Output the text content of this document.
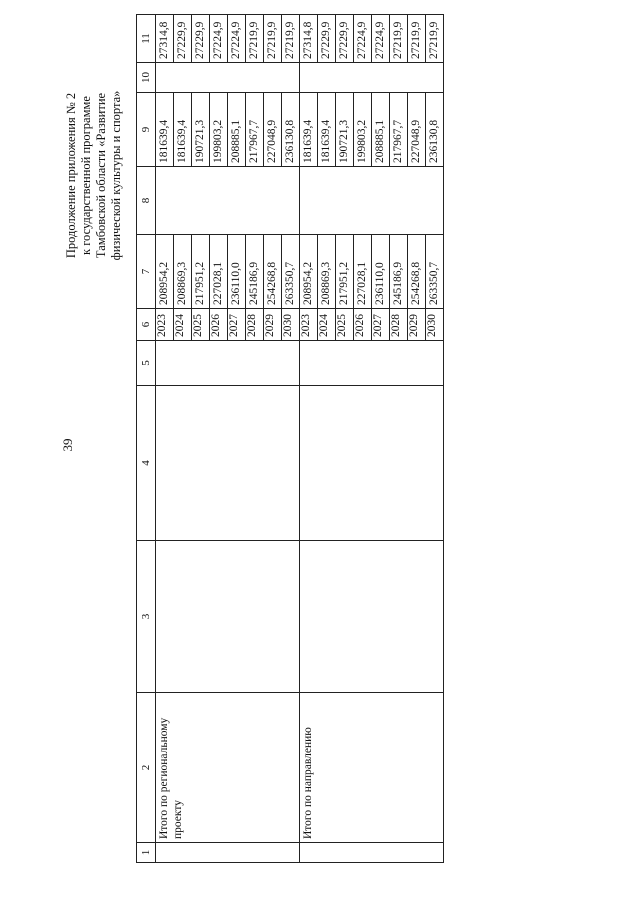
39
Продолжение приложения № 2 к государственной программе Тамбовской области «Развитие физической культуры и спорта»
1	2	3	4	5	6	7	8	9	10	11
	Итого по региональному проекту				2023	208954,2		181639,4		27314,8
					2024	208869,3		181639,4		27229,9
					2025	217951,2		190721,3		27229,9
					2026	227028,1		199803,2		27224,9
					2027	236110,0		208885,1		27224,9
					2028	245186,9		217967,7		27219,9
					2029	254268,8		227048,9		27219,9
					2030	263350,7		236130,8		27219,9
	Итого по направлению				2023	208954,2		181639,4		27314,8
					2024	208869,3		181639,4		27229,9
					2025	217951,2		190721,3		27229,9
					2026	227028,1		199803,2		27224,9
					2027	236110,0		208885,1		27224,9
					2028	245186,9		217967,7		27219,9
					2029	254268,8		227048,9		27219,9
					2030	263350,7		236130,8		27219,9
